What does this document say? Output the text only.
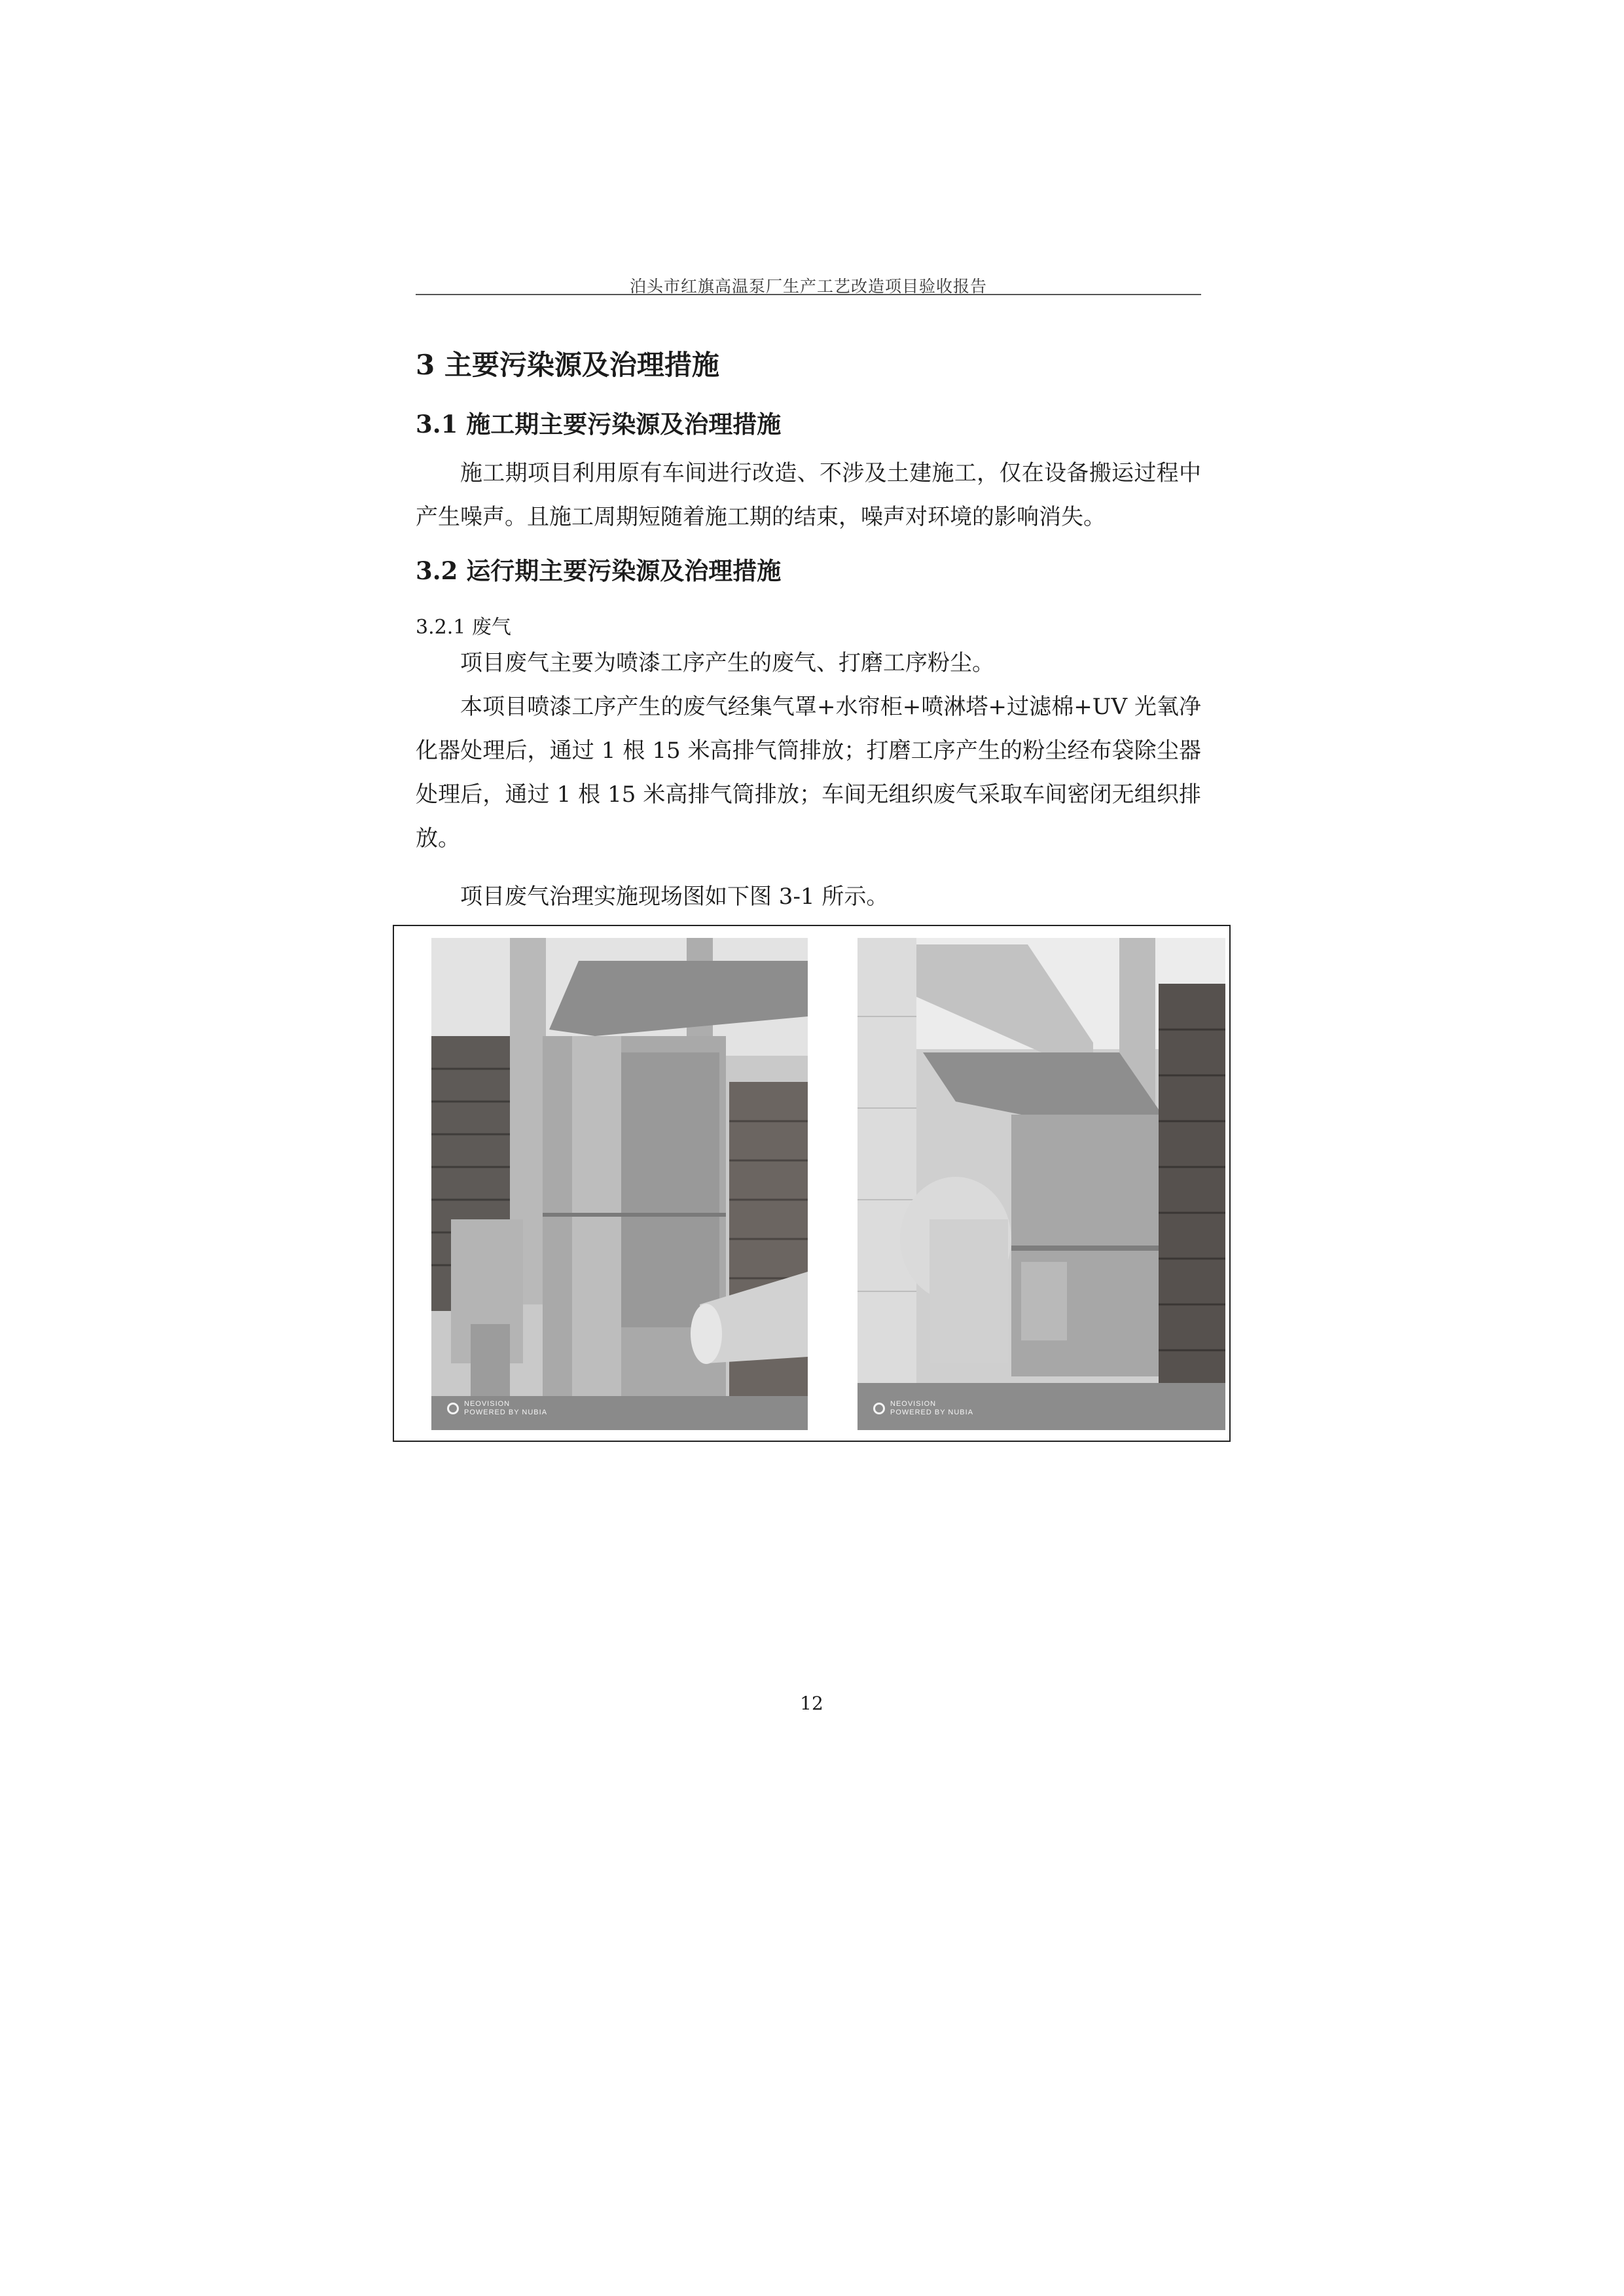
泊头市红旗高温泵厂生产工艺改造项目验收报告
3 主要污染源及治理措施
3.1 施工期主要污染源及治理措施

施工期项目利用原有车间进行改造、不涉及土建施工，仅在设备搬运过程中产生噪声。且施工周期短随着施工期的结束，噪声对环境的影响消失。

3.2 运行期主要污染源及治理措施
3.2.1 废气

项目废气主要为喷漆工序产生的废气、打磨工序粉尘。

本项目喷漆工序产生的废气经集气罩+水帘柜+喷淋塔+过滤棉+UV 光氧净化器处理后，通过 1 根 15 米高排气筒排放；打磨工序产生的粉尘经布袋除尘器处理后，通过 1 根 15 米高排气筒排放；车间无组织废气采取车间密闭无组织排放。

项目废气治理实施现场图如下图 3-1 所示。

NEOVISION
POWERED BY NUBIA
NEOVISION
POWERED BY NUBIA
12
